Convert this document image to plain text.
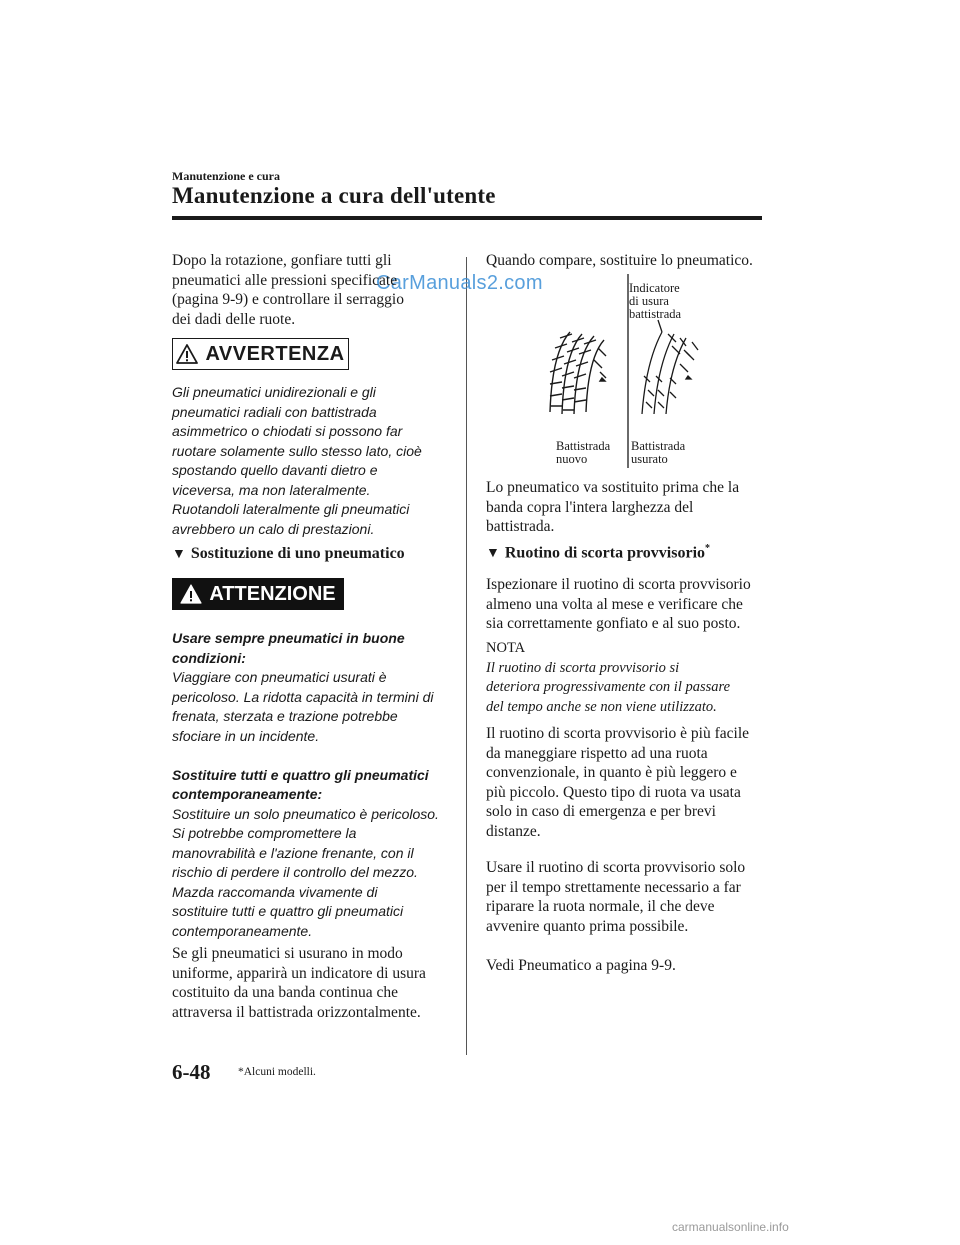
Manutenzione e cura
Manutenzione a cura dell'utente
CarManuals2.com
Dopo la rotazione, gonfiare tutti gli
pneumatici alle pressioni specificate
(pagina 9-9) e controllare il serraggio
dei dadi delle ruote.
AVVERTENZA
Gli pneumatici unidirezionali e gli
pneumatici radiali con battistrada
asimmetrico o chiodati si possono far
ruotare solamente sullo stesso lato, cioè
spostando quello davanti dietro e
viceversa, ma non lateralmente.
Ruotandoli lateralmente gli pneumatici
avrebbero un calo di prestazioni.
▼ Sostituzione di uno pneumatico
ATTENZIONE
Usare sempre pneumatici in buone
condizioni:
Viaggiare con pneumatici usurati è
pericoloso. La ridotta capacità in termini di
frenata, sterzata e trazione potrebbe
sfociare in un incidente.
Sostituire tutti e quattro gli pneumatici
contemporaneamente:
Sostituire un solo pneumatico è pericoloso.
Si potrebbe compromettere la
manovrabilità e l'azione frenante, con il
rischio di perdere il controllo del mezzo.
Mazda raccomanda vivamente di
sostituire tutti e quattro gli pneumatici
contemporaneamente.
Se gli pneumatici si usurano in modo
uniforme, apparirà un indicatore di usura
costituito da una banda continua che
attraversa il battistrada orizzontalmente.
Quando compare, sostituire lo pneumatico.
Indicatore
di usura
battistrada
Battistrada
nuovo
Battistrada
usurato
Lo pneumatico va sostituito prima che la
banda copra l'intera larghezza del
battistrada.
▼ Ruotino di scorta provvisorio*
Ispezionare il ruotino di scorta provvisorio
almeno una volta al mese e verificare che
sia correttamente gonfiato e al suo posto.
NOTA
Il ruotino di scorta provvisorio si
deteriora progressivamente con il passare
del tempo anche se non viene utilizzato.
Il ruotino di scorta provvisorio è più facile
da maneggiare rispetto ad una ruota
convenzionale, in quanto è più leggero e
più piccolo. Questo tipo di ruota va usata
solo in caso di emergenza e per brevi
distanze.
Usare il ruotino di scorta provvisorio solo
per il tempo strettamente necessario a far
riparare la ruota normale, il che deve
avvenire quanto prima possibile.
Vedi Pneumatico a pagina 9-9.
6-48 *Alcuni modelli.
carmanualsonline.info
